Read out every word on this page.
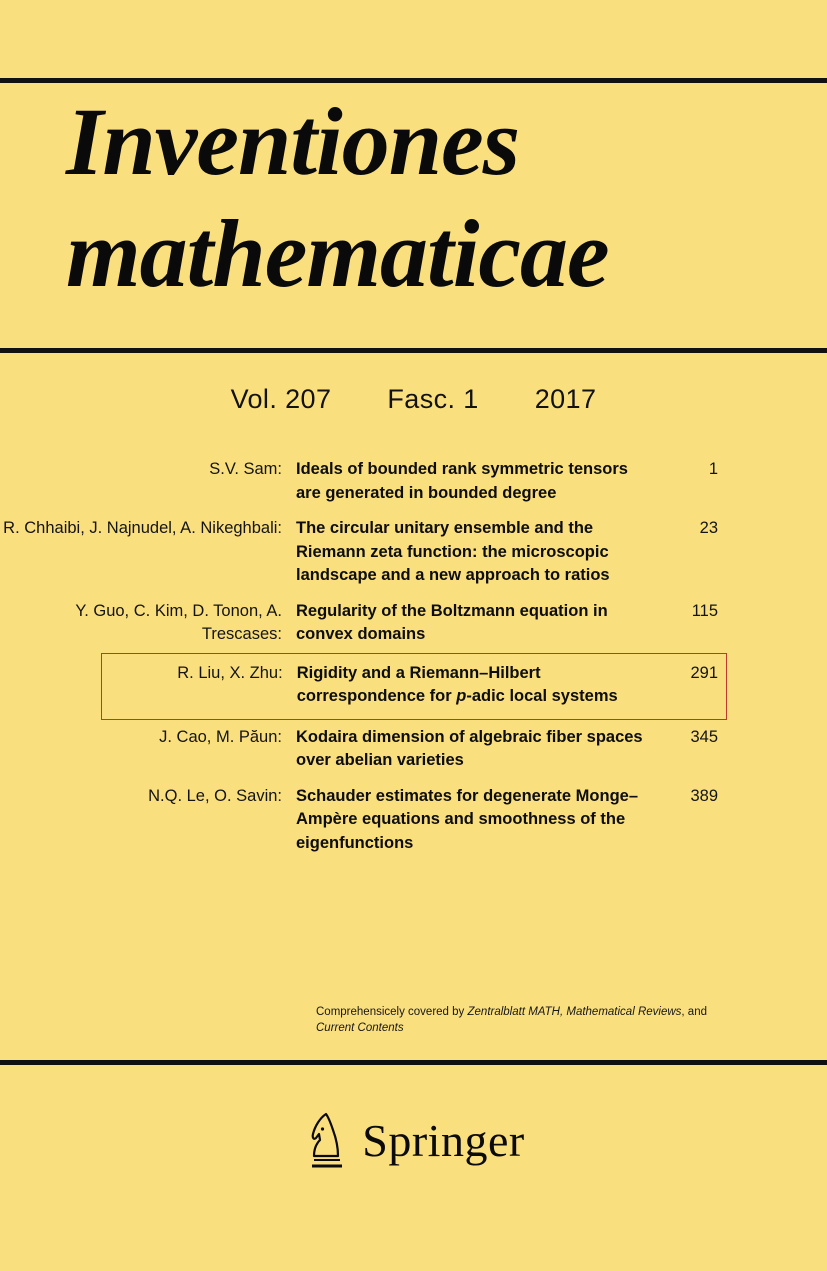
Inventiones
mathematicae
Vol. 207 Fasc. 1 2017
S.V. Sam: Ideals of bounded rank symmetric tensors are generated in bounded degree
1
R. Chhaibi, J. Najnudel, A. Nikeghbali: The circular unitary ensemble and the Riemann zeta function: the microscopic landscape and a new approach to ratios
23
Y. Guo, C. Kim, D. Tonon, A. Trescases:
Regularity of the Boltzmann equation in convex domains
115
R. Liu, X. Zhu: Rigidity and a Riemann–Hilbert correspondence for p-adic local systems
291
J. Cao, M. Păun: Kodaira dimension of algebraic fiber spaces over abelian varieties
345
N.Q. Le, O. Savin: Schauder estimates for degenerate Monge–Ampère equations and smoothness of the eigenfunctions
389
Comprehensicely covered by Zentralblatt MATH, Mathematical Reviews, and Current Contents
Springer
